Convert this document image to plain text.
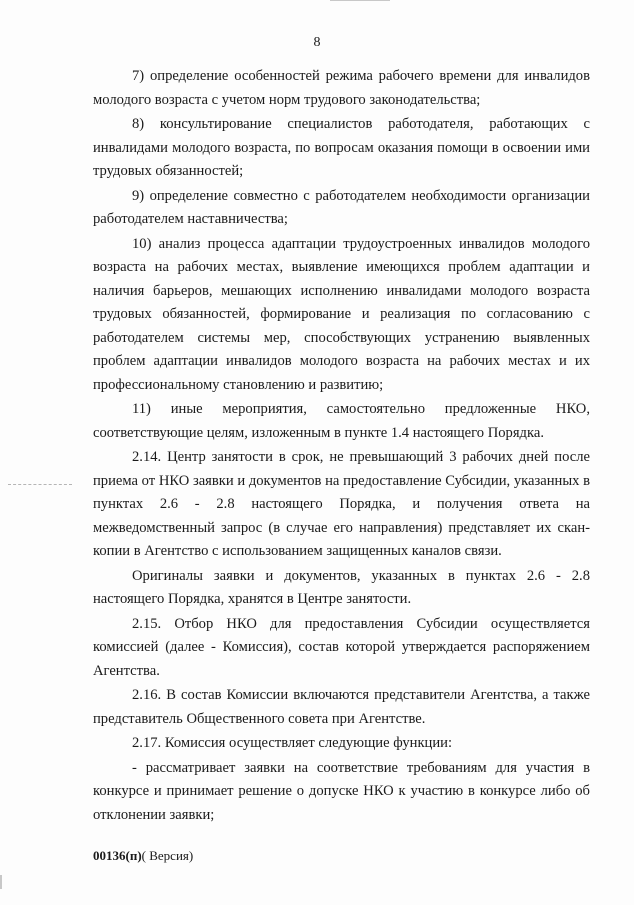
8

7) определение особенностей режима рабочего времени для инвалидов молодого возраста с учетом норм трудового законодательства;

8) консультирование специалистов работодателя, работающих с инвалидами молодого возраста, по вопросам оказания помощи в освоении ими трудовых обязанностей;

9) определение совместно с работодателем необходимости организации работодателем наставничества;

10) анализ процесса адаптации трудоустроенных инвалидов молодого возраста на рабочих местах, выявление имеющихся проблем адаптации и наличия барьеров, мешающих исполнению инвалидами молодого возраста трудовых обязанностей, формирование и реализация по согласованию с работодателем системы мер, способствующих устранению выявленных проблем адаптации инвалидов молодого возраста на рабочих местах и их профессиональному становлению и развитию;

11) иные мероприятия, самостоятельно предложенные НКО, соответствующие целям, изложенным в пункте 1.4 настоящего Порядка.

2.14. Центр занятости в срок, не превышающий 3 рабочих дней после приема от НКО заявки и документов на предоставление Субсидии, указанных в пунктах 2.6 - 2.8 настоящего Порядка, и получения ответа на межведомственный запрос (в случае его направления) представляет их скан-копии в Агентство с использованием защищенных каналов связи.

Оригиналы заявки и документов, указанных в пунктах 2.6 - 2.8 настоящего Порядка, хранятся в Центре занятости.

2.15. Отбор НКО для предоставления Субсидии осуществляется комиссией (далее - Комиссия), состав которой утверждается распоряжением Агентства.

2.16. В состав Комиссии включаются представители Агентства, а также представитель Общественного совета при Агентстве.

2.17. Комиссия осуществляет следующие функции:

- рассматривает заявки на соответствие требованиям для участия в конкурсе и принимает решение о допуске НКО к участию в конкурсе либо об отклонении заявки;

00136(п)( Версия)
